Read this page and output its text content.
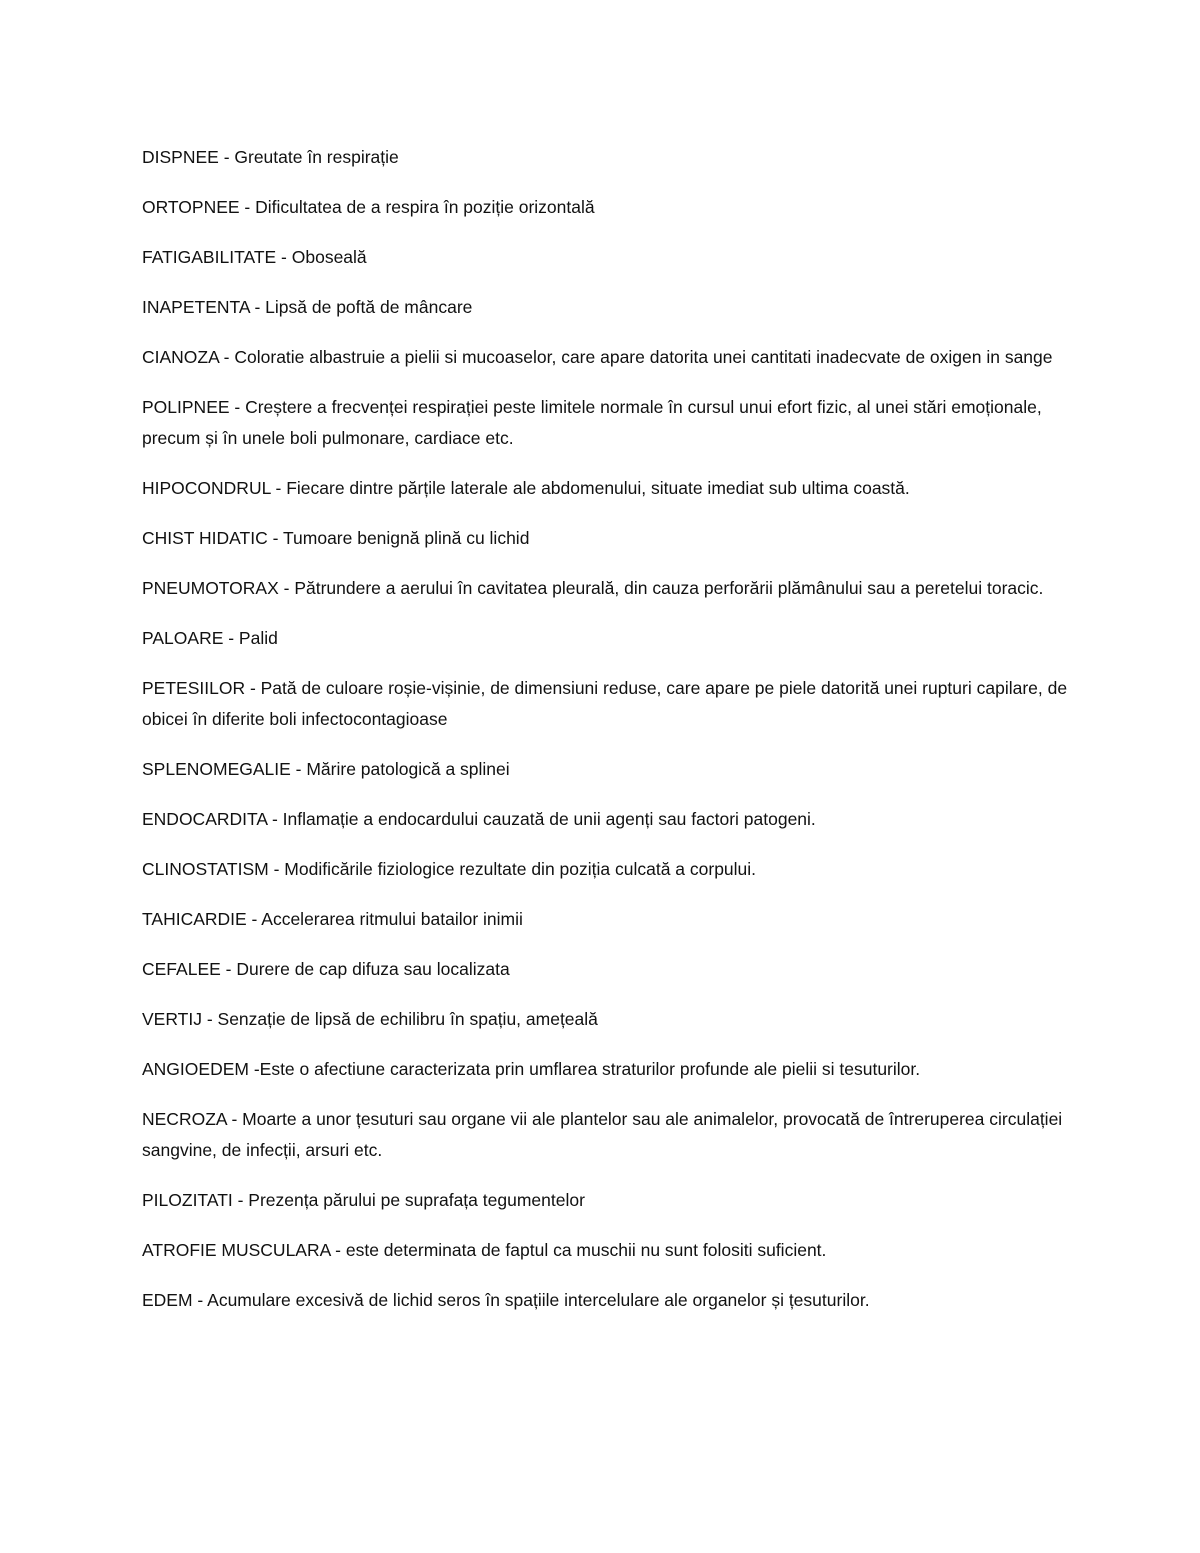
DISPNEE - Greutate în respirație

ORTOPNEE - Dificultatea de a respira în poziție orizontală

FATIGABILITATE - Oboseală

INAPETENTA - Lipsă de poftă de mâncare

CIANOZA - Coloratie albastruie a pielii si mucoaselor, care apare datorita unei cantitati inadecvate de oxigen in sange

POLIPNEE - Creștere a frecvenței respirației peste limitele normale în cursul unui efort fizic, al unei stări emoționale, precum și în unele boli pulmonare, cardiace etc.

HIPOCONDRUL - Fiecare dintre părțile laterale ale abdomenului, situate imediat sub ultima coastă.

CHIST HIDATIC - Tumoare benignă plină cu lichid

PNEUMOTORAX - Pătrundere a aerului în cavitatea pleurală, din cauza perforării plămânului sau a peretelui toracic.

PALOARE - Palid

PETESIILOR - Pată de culoare roșie-vișinie, de dimensiuni reduse, care apare pe piele datorită unei rupturi capilare, de obicei în diferite boli infectocontagioase

SPLENOMEGALIE - Mărire patologică a splinei

ENDOCARDITA - Inflamație a endocardului cauzată de unii agenți sau factori patogeni.

CLINOSTATISM - Modificările fiziologice rezultate din poziția culcată a corpului.

TAHICARDIE - Accelerarea ritmului batailor inimii

CEFALEE - Durere de cap difuza sau localizata

VERTIJ - Senzație de lipsă de echilibru în spațiu, amețeală

ANGIOEDEM -Este o afectiune caracterizata prin umflarea straturilor profunde ale pielii si tesuturilor.

NECROZA - Moarte a unor țesuturi sau organe vii ale plantelor sau ale animalelor, provocată de întreruperea circulației sangvine, de infecții, arsuri etc.

PILOZITATI - Prezența părului pe suprafața tegumentelor

ATROFIE MUSCULARA - este determinata de faptul ca muschii nu sunt folositi suficient.

EDEM - Acumulare excesivă de lichid seros în spațiile intercelulare ale organelor și țesuturilor.
